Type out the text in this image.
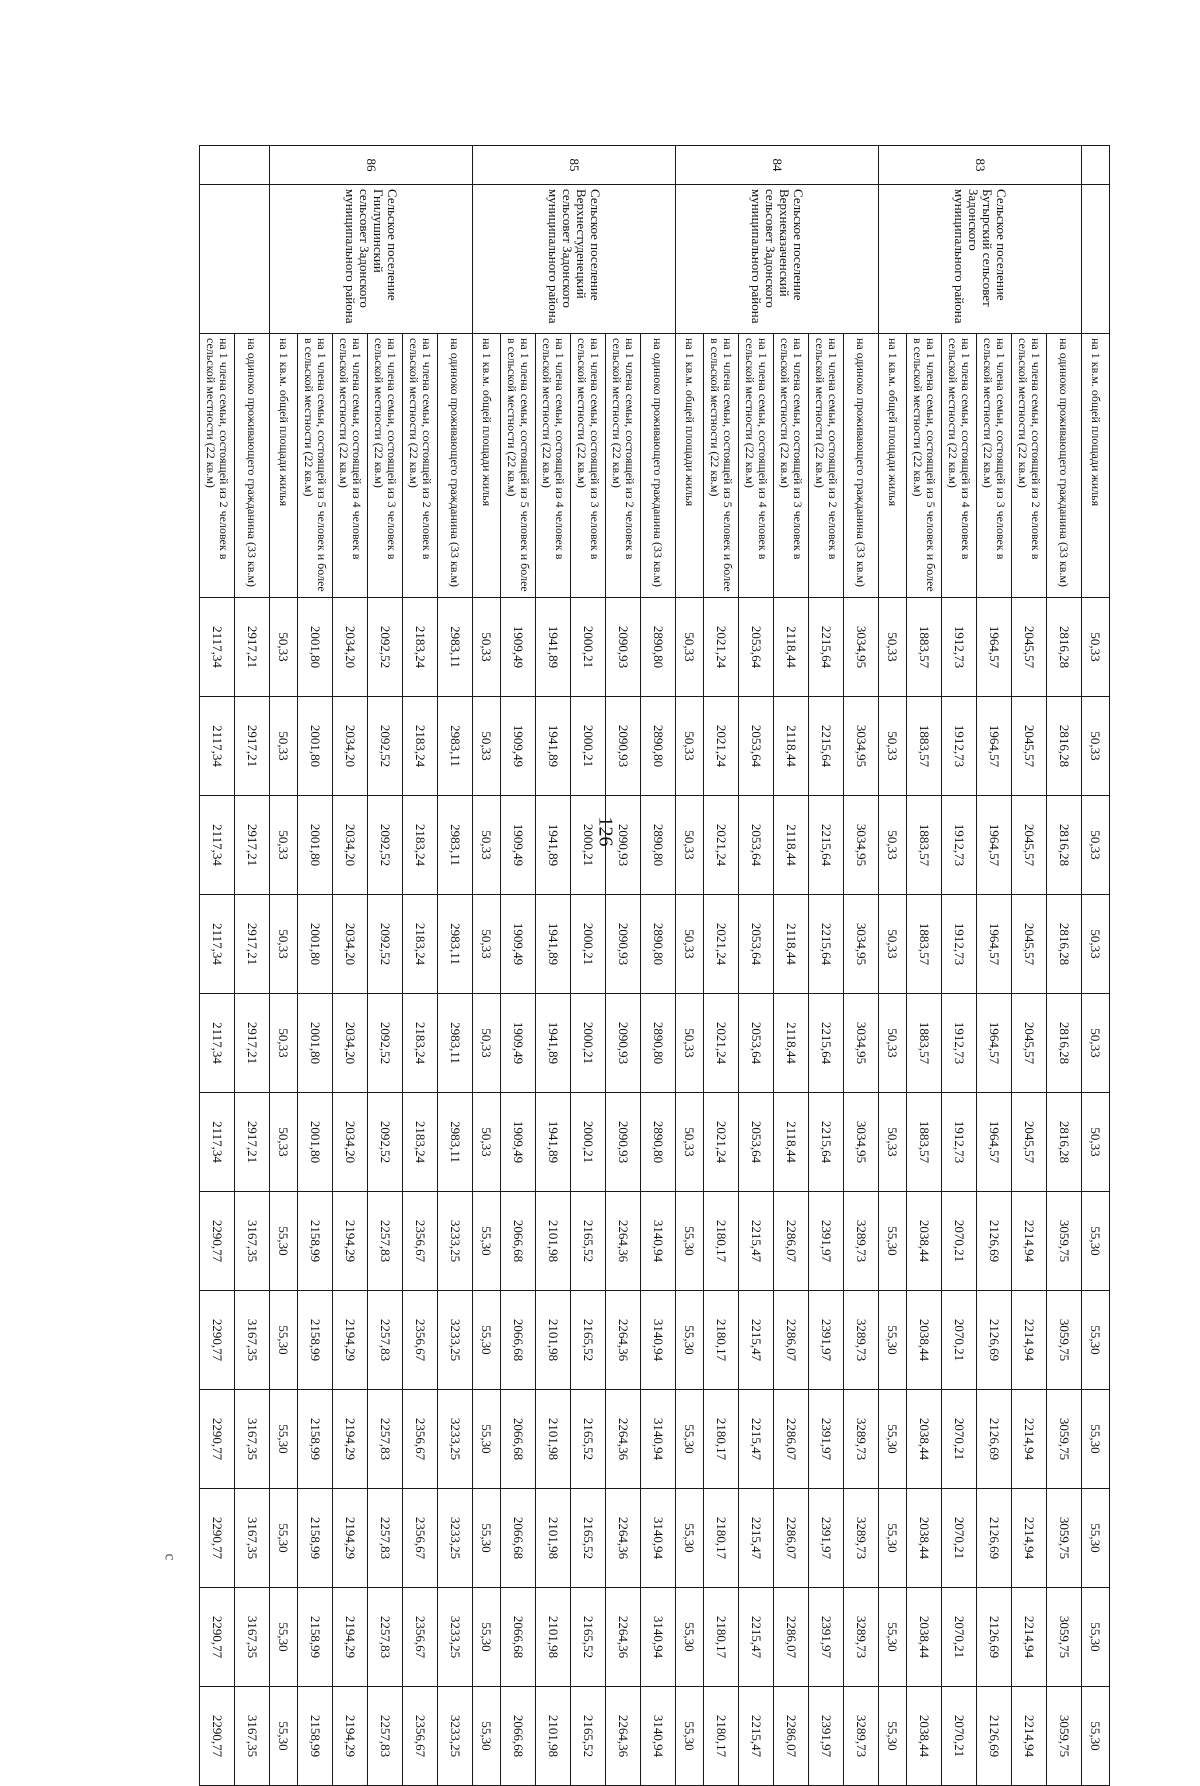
		на 1 кв.м. общей площади жилья	50,33	50,33	50,33	50,33	50,33	50,33	55,30	55,30	55,30	55,30	55,30	55,30
83	Сельское поселение Бутырский сельсовет Задонского муниципального района	на одиноко проживающего гражданина (33 кв.м)	2816,28	2816,28	2816,28	2816,28	2816,28	2816,28	3059,75	3059,75	3059,75	3059,75	3059,75	3059,75
		на 1 члена семьи, состоящей из 2 человек в сельской местности (22 кв.м)	2045,57	2045,57	2045,57	2045,57	2045,57	2045,57	2214,94	2214,94	2214,94	2214,94	2214,94	2214,94
		на 1 члена семьи, состоящей из 3 человек в сельской местности (22 кв.м)	1964,57	1964,57	1964,57	1964,57	1964,57	1964,57	2126,69	2126,69	2126,69	2126,69	2126,69	2126,69
		на 1 члена семьи, состоящей из 4 человек в сельской местности (22 кв.м)	1912,73	1912,73	1912,73	1912,73	1912,73	1912,73	2070,21	2070,21	2070,21	2070,21	2070,21	2070,21
		на 1 члена семьи, состоящей из 5 человек и более в сельской местности (22 кв.м)	1883,57	1883,57	1883,57	1883,57	1883,57	1883,57	2038,44	2038,44	2038,44	2038,44	2038,44	2038,44
		на 1 кв.м. общей площади жилья	50,33	50,33	50,33	50,33	50,33	50,33	55,30	55,30	55,30	55,30	55,30	55,30
84	Сельское поселение Верхнеказаченский сельсовет Задонского муниципального района	на одиноко проживающего гражданина (33 кв.м)	3034,95	3034,95	3034,95	3034,95	3034,95	3034,95	3289,73	3289,73	3289,73	3289,73	3289,73	3289,73
		на 1 члена семьи, состоящей из 2 человек в сельской местности (22 кв.м)	2215,64	2215,64	2215,64	2215,64	2215,64	2215,64	2391,97	2391,97	2391,97	2391,97	2391,97	2391,97
		на 1 члена семьи, состоящей из 3 человек в сельской местности (22 кв.м)	2118,44	2118,44	2118,44	2118,44	2118,44	2118,44	2286,07	2286,07	2286,07	2286,07	2286,07	2286,07
		на 1 члена семьи, состоящей из 4 человек в сельской местности (22 кв.м)	2053,64	2053,64	2053,64	2053,64	2053,64	2053,64	2215,47	2215,47	2215,47	2215,47	2215,47	2215,47
		на 1 члена семьи, состоящей из 5 человек и более в сельской местности (22 кв.м)	2021,24	2021,24	2021,24	2021,24	2021,24	2021,24	2180,17	2180,17	2180,17	2180,17	2180,17	2180,17
		на 1 кв.м. общей площади жилья	50,33	50,33	50,33	50,33	50,33	50,33	55,30	55,30	55,30	55,30	55,30	55,30
85	Сельское поселение Верхнестуденецкий сельсовет Задонского муниципального района	на одиноко проживающего гражданина (33 кв.м)	2890,80	2890,80	2890,80	2890,80	2890,80	2890,80	3140,94	3140,94	3140,94	3140,94	3140,94	3140,94
		на 1 члена семьи, состоящей из 2 человек в сельской местности (22 кв.м)	2090,93	2090,93	2090,93	2090,93	2090,93	2090,93	2264,36	2264,36	2264,36	2264,36	2264,36	2264,36
		на 1 члена семьи, состоящей из 3 человек в сельской местности (22 кв.м)	2000,21	2000,21	2000,21	2000,21	2000,21	2000,21	2165,52	2165,52	2165,52	2165,52	2165,52	2165,52
		на 1 члена семьи, состоящей из 4 человек в сельской местности (22 кв.м)	1941,89	1941,89	1941,89	1941,89	1941,89	1941,89	2101,98	2101,98	2101,98	2101,98	2101,98	2101,98
		на 1 члена семьи, состоящей из 5 человек и более в сельской местности (22 кв.м)	1909,49	1909,49	1909,49	1909,49	1909,49	1909,49	2066,68	2066,68	2066,68	2066,68	2066,68	2066,68
		на 1 кв.м. общей площади жилья	50,33	50,33	50,33	50,33	50,33	50,33	55,30	55,30	55,30	55,30	55,30	55,30
86	Сельское поселение Гнилушинский сельсовет Задонского муниципального района	на одиноко проживающего гражданина (33 кв.м)	2983,11	2983,11	2983,11	2983,11	2983,11	2983,11	3233,25	3233,25	3233,25	3233,25	3233,25	3233,25
		на 1 члена семьи, состоящей из 2 человек в сельской местности (22 кв.м)	2183,24	2183,24	2183,24	2183,24	2183,24	2183,24	2356,67	2356,67	2356,67	2356,67	2356,67	2356,67
		на 1 члена семьи, состоящей из 3 человек в сельской местности (22 кв.м)	2092,52	2092,52	2092,52	2092,52	2092,52	2092,52	2257,83	2257,83	2257,83	2257,83	2257,83	2257,83
		на 1 члена семьи, состоящей из 4 человек в сельской местности (22 кв.м)	2034,20	2034,20	2034,20	2034,20	2034,20	2034,20	2194,29	2194,29	2194,29	2194,29	2194,29	2194,29
		на 1 члена семьи, состоящей из 5 человек и более в сельской местности (22 кв.м)	2001,80	2001,80	2001,80	2001,80	2001,80	2001,80	2158,99	2158,99	2158,99	2158,99	2158,99	2158,99
		на 1 кв.м. общей площади жилья	50,33	50,33	50,33	50,33	50,33	50,33	55,30	55,30	55,30	55,30	55,30	55,30
		на одиноко проживающего гражданина (33 кв.м)	2917,21	2917,21	2917,21	2917,21	2917,21	2917,21	3167,35	3167,35	3167,35	3167,35	3167,35	3167,35
		на 1 члена семьи, состоящей из 2 человек в сельской местности (22 кв.м)	2117,34	2117,34	2117,34	2117,34	2117,34	2117,34	2290,77	2290,77	2290,77	2290,77	2290,77	2290,77
126
с
